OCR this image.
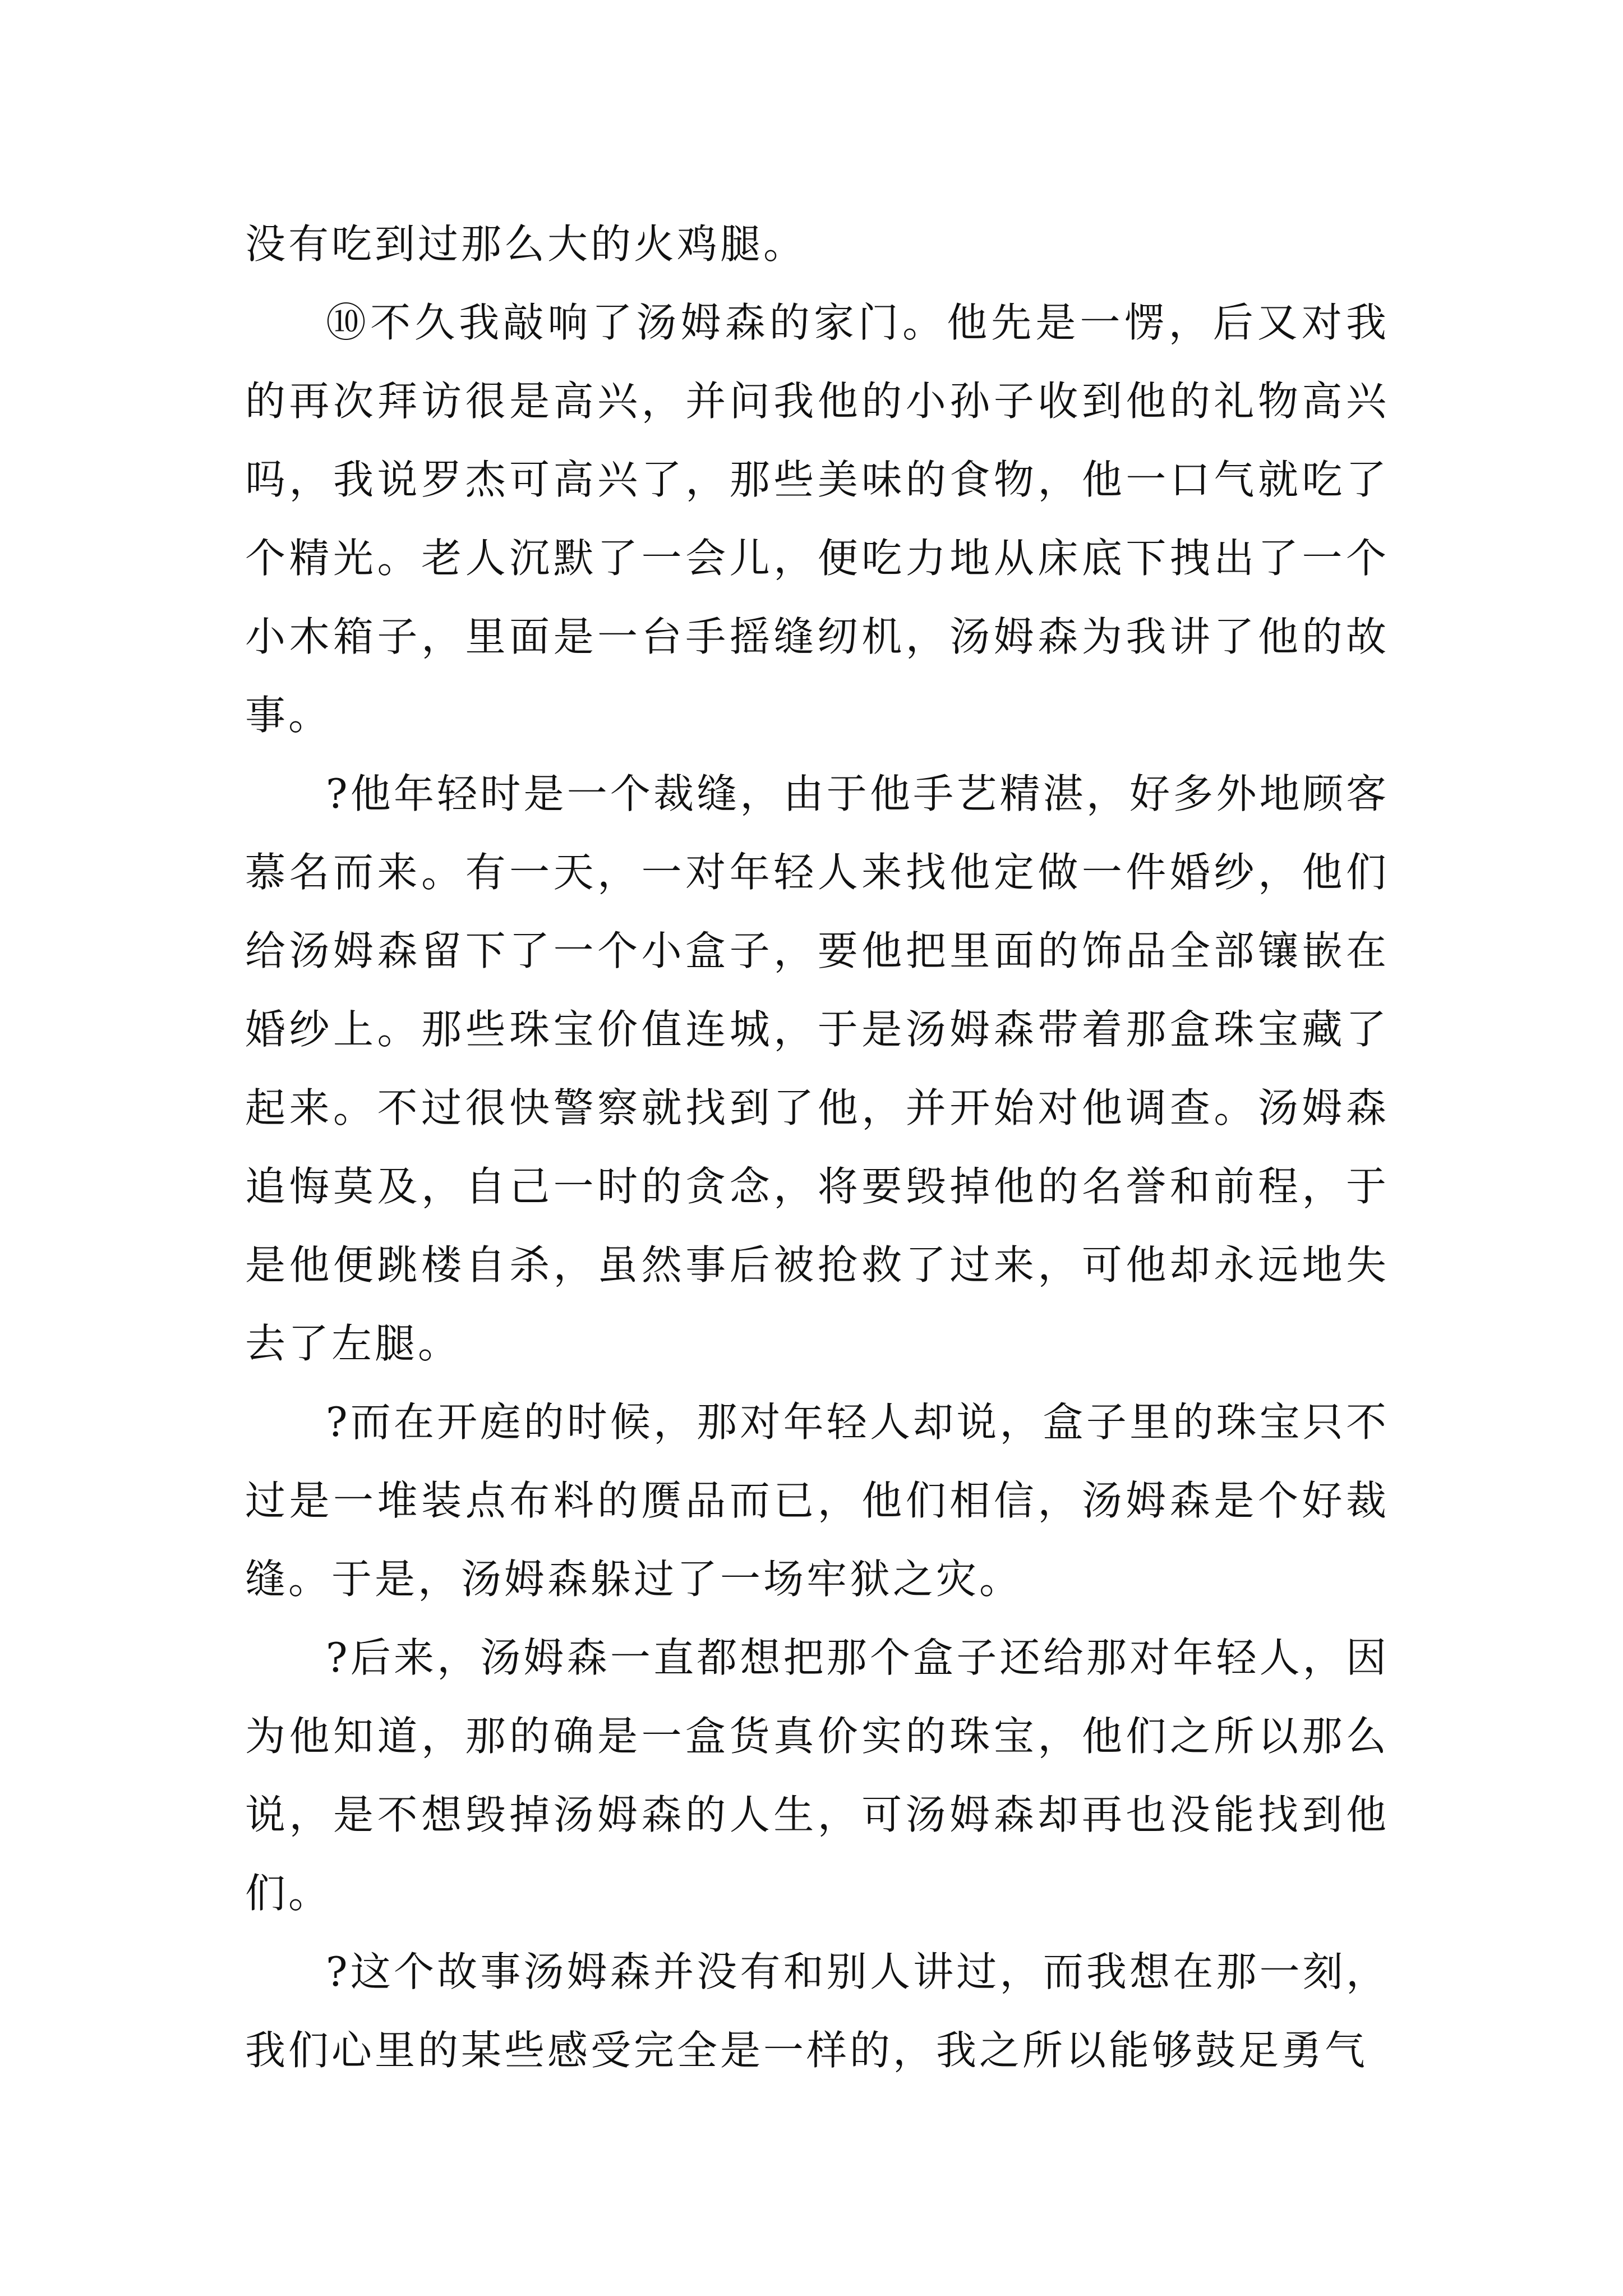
没有吃到过那么大的火鸡腿。

⑩不久我敲响了汤姆森的家门。他先是一愣，后又对我的再次拜访很是高兴，并问我他的小孙子收到他的礼物高兴吗，我说罗杰可高兴了，那些美味的食物，他一口气就吃了个精光。老人沉默了一会儿，便吃力地从床底下拽出了一个小木箱子，里面是一台手摇缝纫机，汤姆森为我讲了他的故事。

?他年轻时是一个裁缝，由于他手艺精湛，好多外地顾客慕名而来。有一天，一对年轻人来找他定做一件婚纱，他们给汤姆森留下了一个小盒子，要他把里面的饰品全部镶嵌在婚纱上。那些珠宝价值连城，于是汤姆森带着那盒珠宝藏了起来。不过很快警察就找到了他，并开始对他调查。汤姆森追悔莫及，自己一时的贪念，将要毁掉他的名誉和前程，于是他便跳楼自杀，虽然事后被抢救了过来，可他却永远地失去了左腿。

?而在开庭的时候，那对年轻人却说，盒子里的珠宝只不过是一堆装点布料的赝品而已，他们相信，汤姆森是个好裁缝。于是，汤姆森躲过了一场牢狱之灾。

?后来，汤姆森一直都想把那个盒子还给那对年轻人，因为他知道，那的确是一盒货真价实的珠宝，他们之所以那么说，是不想毁掉汤姆森的人生，可汤姆森却再也没能找到他们。

?这个故事汤姆森并没有和别人讲过，而我想在那一刻，我们心里的某些感受完全是一样的，我之所以能够鼓足勇气
